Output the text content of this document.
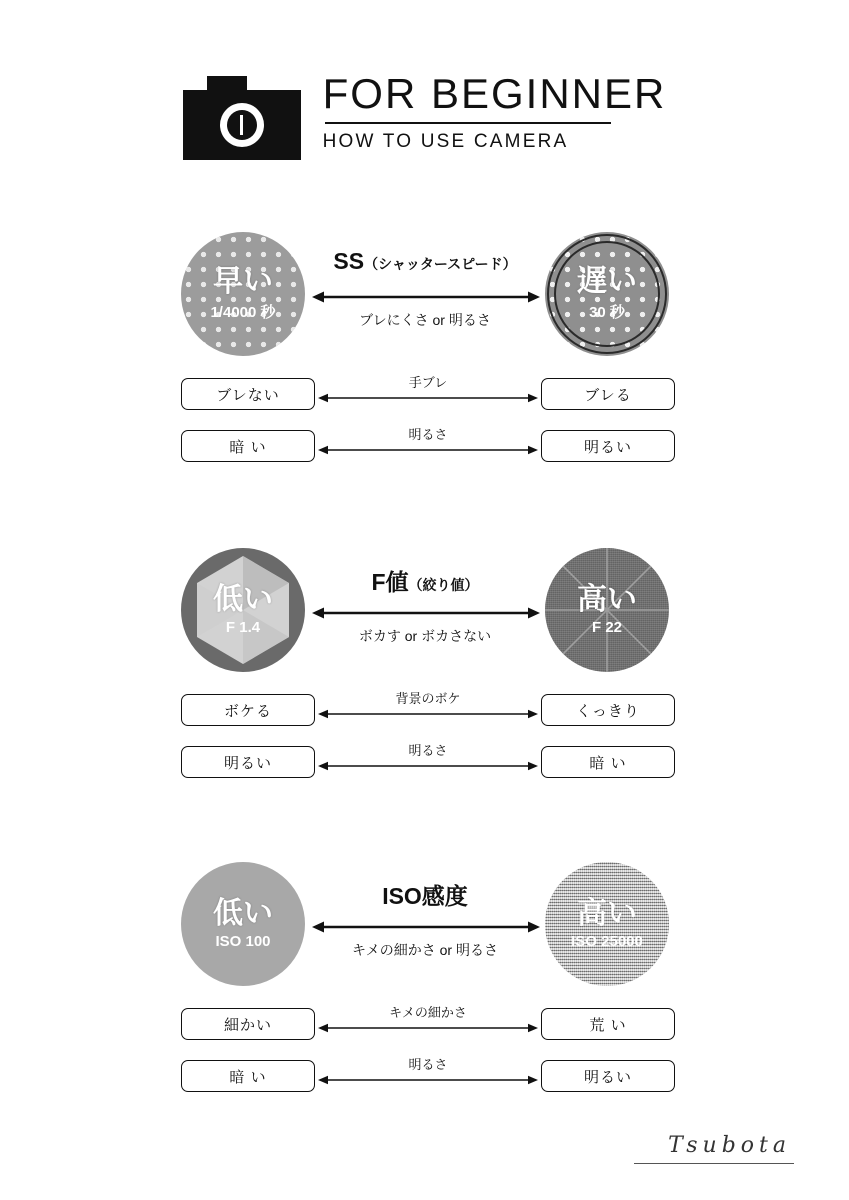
FOR BEGINNER
HOW TO USE CAMERA
早い
1/4000 秒
SS（シャッタースピード）
ブレにくさ or 明るさ
遅い
30 秒
ブレない
手ブレ
ブレる
暗 い
明るさ
明るい
低い
F 1.4
F値（絞り値）
ボカす or ボカさない
高い
F 22
ボケる
背景のボケ
くっきり
明るい
明るさ
暗 い
低い
ISO 100
ISO感度
キメの細かさ or 明るさ
高い
ISO 25000
細かい
キメの細かさ
荒 い
暗 い
明るさ
明るい
Tsubota
